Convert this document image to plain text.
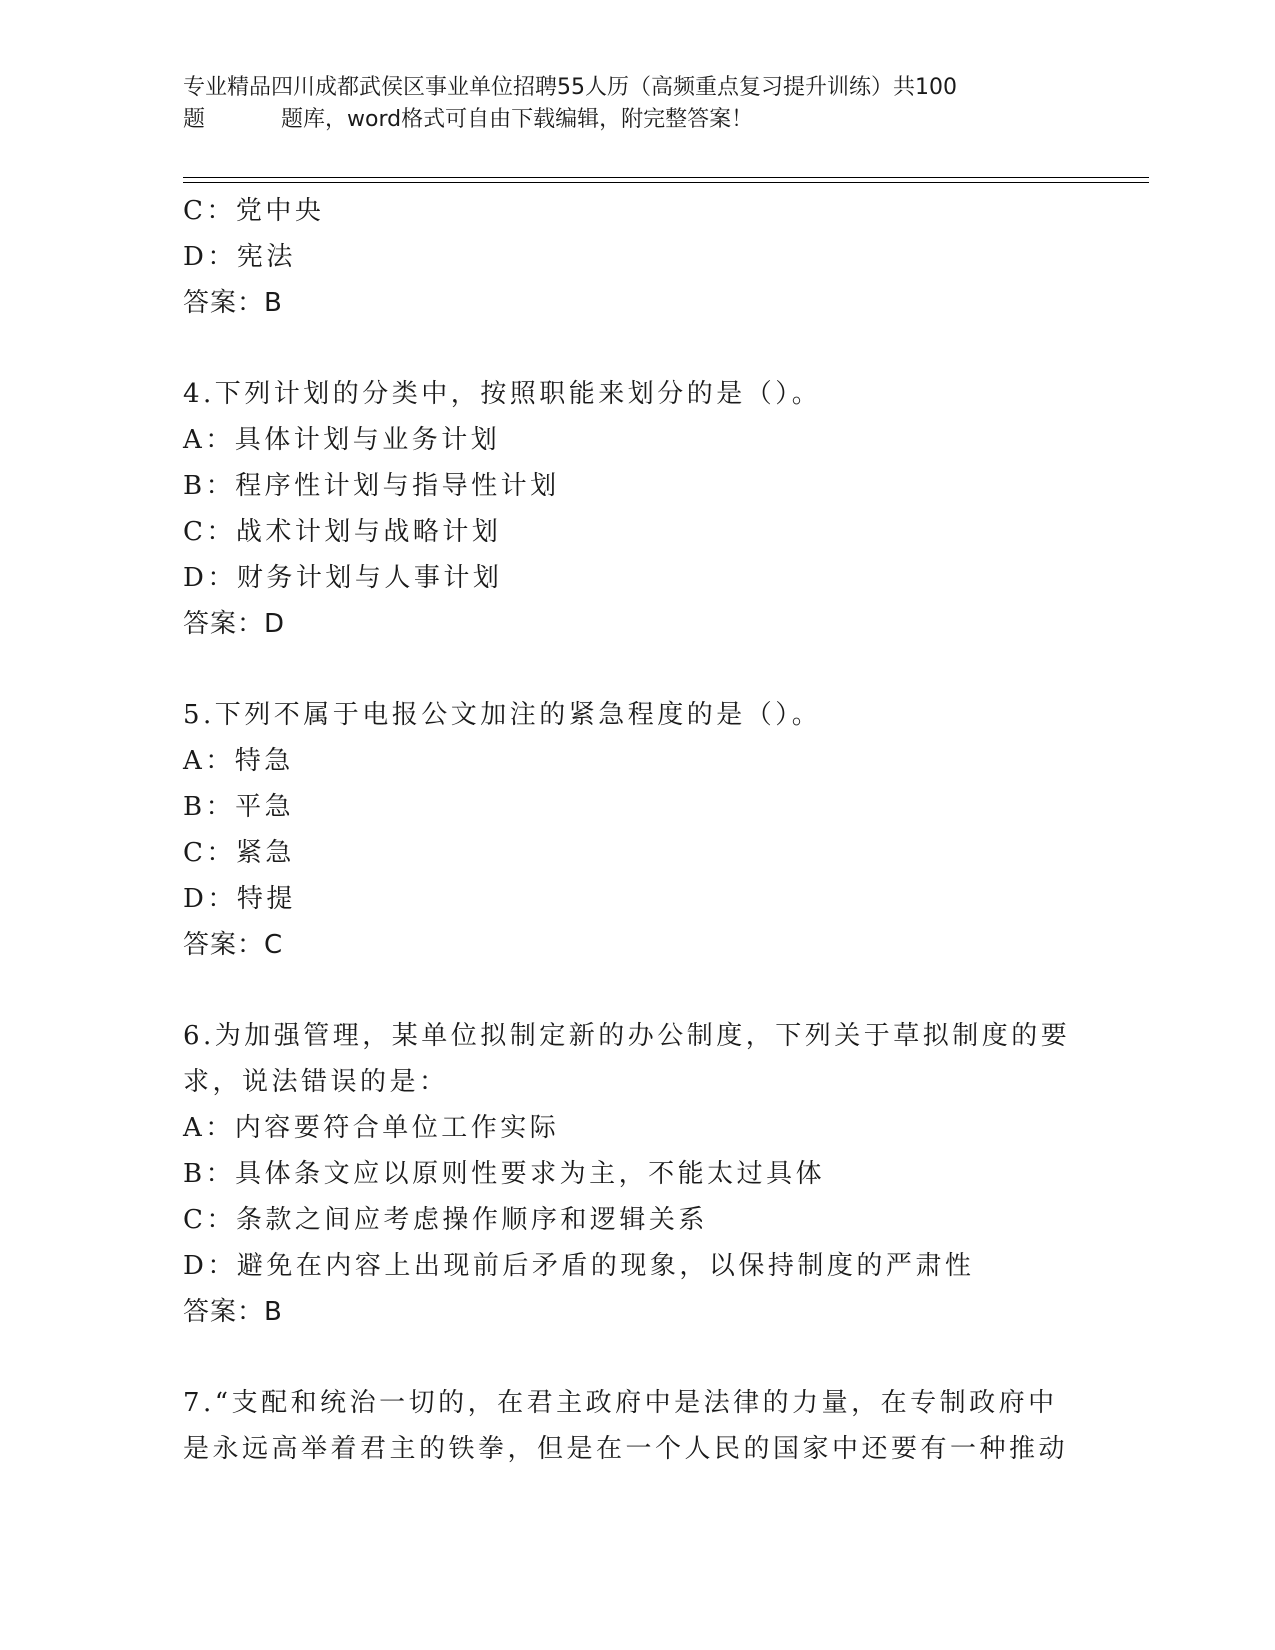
专业精品四川成都武侯区事业单位招聘55人历（高频重点复习提升训练）共100
题	题库，word格式可自由下载编辑，附完整答案！
C：党中央
D：宪法
答案：B
4.下列计划的分类中，按照职能来划分的是（）。
A：具体计划与业务计划
B：程序性计划与指导性计划
C：战术计划与战略计划
D：财务计划与人事计划
答案：D
5.下列不属于电报公文加注的紧急程度的是（）。
A：特急
B：平急
C：紧急
D：特提
答案：C
6.为加强管理，某单位拟制定新的办公制度，下列关于草拟制度的要
求，说法错误的是：
A：内容要符合单位工作实际
B：具体条文应以原则性要求为主，不能太过具体
C：条款之间应考虑操作顺序和逻辑关系
D：避免在内容上出现前后矛盾的现象，以保持制度的严肃性
答案：B
7.“支配和统治一切的，在君主政府中是法律的力量，在专制政府中
是永远高举着君主的铁拳，但是在一个人民的国家中还要有一种推动
